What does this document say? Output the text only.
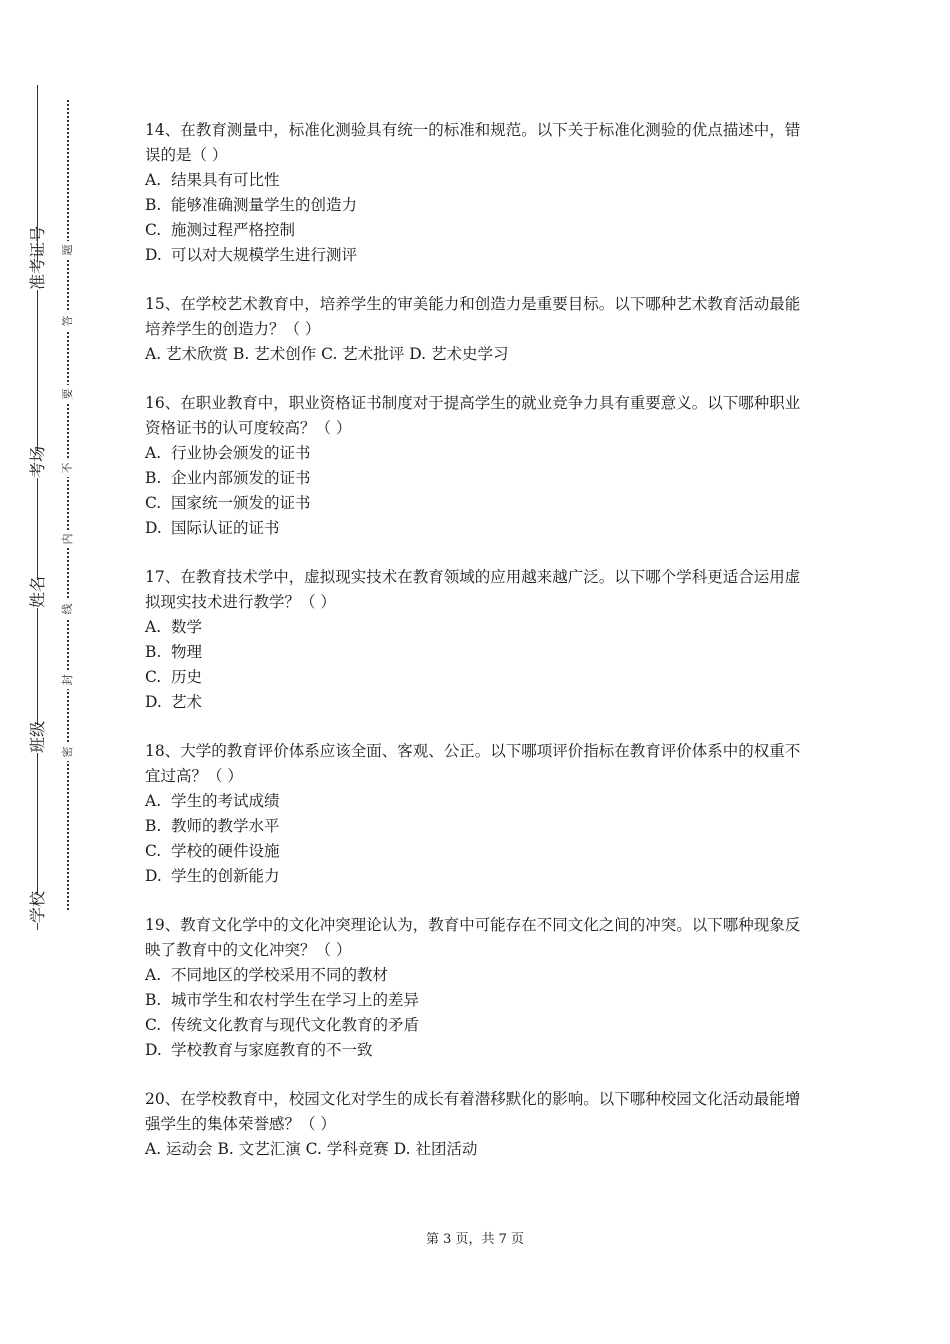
准考证号
考场
姓名
班级
学校
题
答
要
不
内
线
封
密

14、在教育测量中，标准化测验具有统一的标准和规范。以下关于标准化测验的优点描述中，错误的是（ ）

A. 结果具有可比性

B. 能够准确测量学生的创造力

C. 施测过程严格控制

D. 可以对大规模学生进行测评

15、在学校艺术教育中，培养学生的审美能力和创造力是重要目标。以下哪种艺术教育活动最能培养学生的创造力？（ ）

A. 艺术欣赏 B. 艺术创作 C. 艺术批评 D. 艺术史学习

16、在职业教育中，职业资格证书制度对于提高学生的就业竞争力具有重要意义。以下哪种职业资格证书的认可度较高？（ ）

A. 行业协会颁发的证书

B. 企业内部颁发的证书

C. 国家统一颁发的证书

D. 国际认证的证书

17、在教育技术学中，虚拟现实技术在教育领域的应用越来越广泛。以下哪个学科更适合运用虚拟现实技术进行教学？（ ）

A. 数学

B. 物理

C. 历史

D. 艺术

18、大学的教育评价体系应该全面、客观、公正。以下哪项评价指标在教育评价体系中的权重不宜过高？（ ）

A. 学生的考试成绩

B. 教师的教学水平

C. 学校的硬件设施

D. 学生的创新能力

19、教育文化学中的文化冲突理论认为，教育中可能存在不同文化之间的冲突。以下哪种现象反映了教育中的文化冲突？（ ）

A. 不同地区的学校采用不同的教材

B. 城市学生和农村学生在学习上的差异

C. 传统文化教育与现代文化教育的矛盾

D. 学校教育与家庭教育的不一致

20、在学校教育中，校园文化对学生的成长有着潜移默化的影响。以下哪种校园文化活动最能增强学生的集体荣誉感？（ ）

A. 运动会 B. 文艺汇演 C. 学科竞赛 D. 社团活动

第 3 页，共 7 页
